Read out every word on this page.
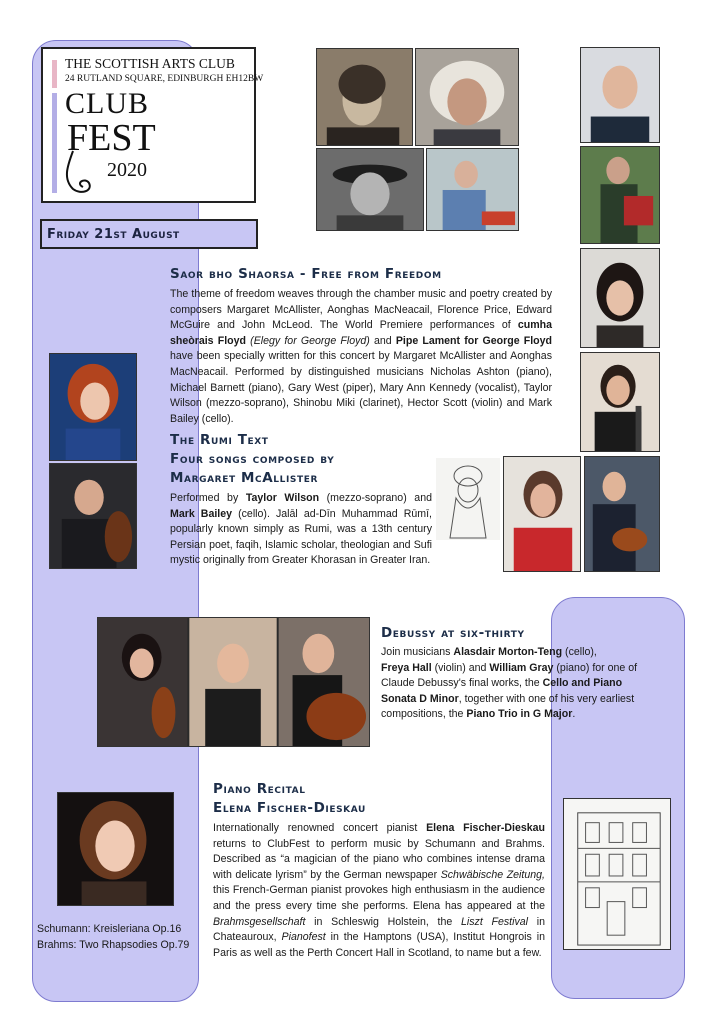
THE SCOTTISH ARTS CLUB
24 RUTLAND SQUARE, EDINBURGH EH12BW
CLUB
FEST
2020
Friday 21st August
Saor bho Shaorsa - Free from Freedom
The theme of freedom weaves through the chamber music and poetry created by composers Margaret McAllister, Aonghas MacNeacail, Florence Price, Edward McGuire and John McLeod. The World Premiere performances of cumha sheòrais Floyd (Elegy for George Floyd) and Pipe Lament for George Floyd have been specially written for this concert by Margaret McAllister and Aonghas MacNeacail. Performed by distinguished musicians Nicholas Ashton (piano), Michael Barnett (piano), Gary West (piper), Mary Ann Kennedy (vocalist), Taylor Wilson (mezzo-soprano), Shinobu Miki (clarinet), Hector Scott (violin) and Mark Bailey (cello).
The Rumi Text
Four songs composed by
Margaret McAllister
Performed by Taylor Wilson (mezzo-soprano) and Mark Bailey (cello). Jalāl ad-Dīn Muhammad Rūmī, popularly known simply as Rumi, was a 13th century Persian poet, faqih, Islamic scholar, theologian and Sufi mystic originally from Greater Khorasan in Greater Iran.
Debussy at six-thirty
Join musicians Alasdair Morton-Teng (cello),
Freya Hall (violin) and William Gray (piano) for one of Claude Debussy's final works, the Cello and Piano Sonata D Minor, together with one of his very earliest compositions, the Piano Trio in G Major.
Schumann: Kreisleriana Op.16
Brahms: Two Rhapsodies Op.79
Piano Recital
Elena Fischer-Dieskau
Internationally renowned concert pianist Elena Fischer-Dieskau returns to ClubFest to perform music by Schumann and Brahms. Described as “a magician of the piano who combines intense drama with delicate lyrism” by the German newspaper Schwäbische Zeitung, this French-German pianist provokes high enthusiasm in the audience and the press every time she performs. Elena has appeared at the Brahmsgesellschaft in Schleswig Holstein, the Liszt Festival in Chateauroux, Pianofest in the Hamptons (USA), Institut Hongrois in Paris as well as the Perth Concert Hall in Scotland, to name but a few.
